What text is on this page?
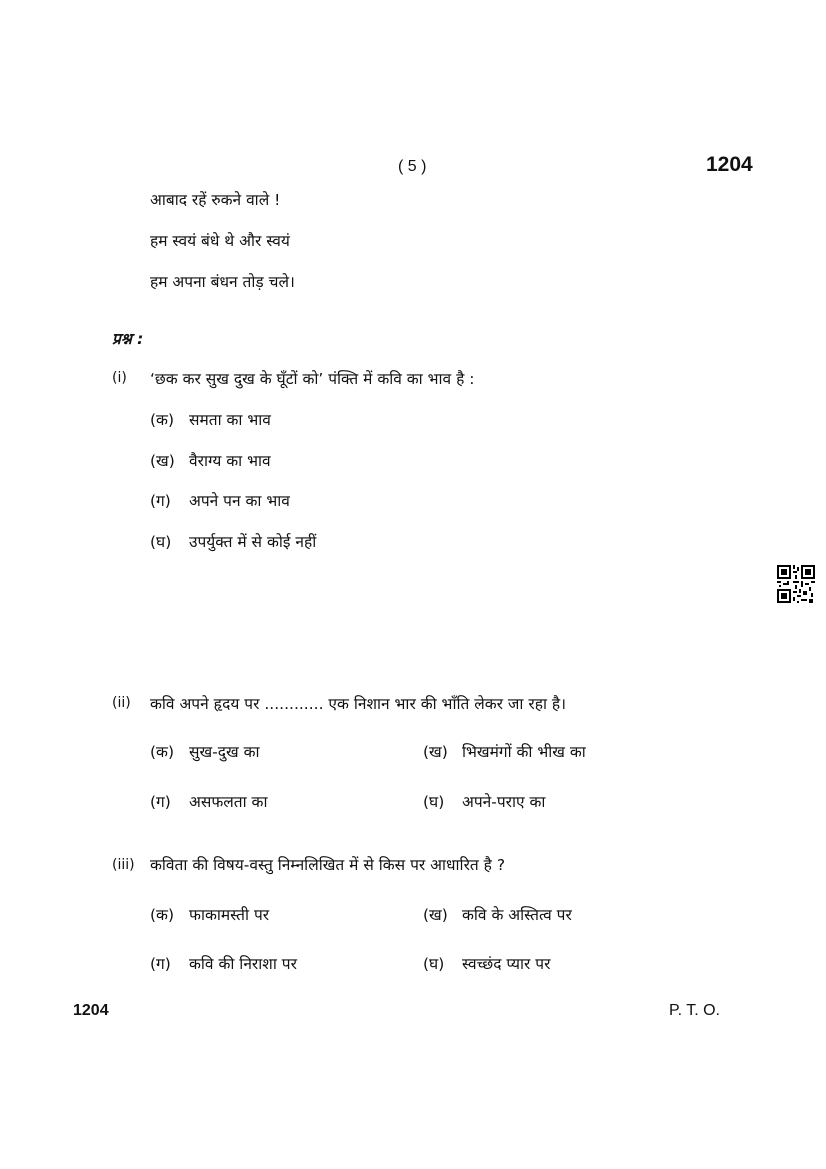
( 5 )	1204
आबाद रहें रुकने वाले !
हम स्वयं बंधे थे और स्वयं
हम अपना बंधन तोड़ चले।
प्रश्न :
(i) ‘छक कर सुख दुख के घूँटों को’ पंक्ति में कवि का भाव है :
(क) समता का भाव
(ख) वैराग्य का भाव
(ग) अपने पन का भाव
(घ) उपर्युक्त में से कोई नहीं
(ii) कवि अपने हृदय पर ............ एक निशान भार की भाँति लेकर जा रहा है।
(क) सुख-दुख का	(ख) भिखमंगों की भीख का
(ग) असफलता का	(घ) अपने-पराए का
(iii) कविता की विषय-वस्तु निम्नलिखित में से किस पर आधारित है ?
(क) फाकामस्ती पर	(ख) कवि के अस्तित्व पर
(ग) कवि की निराशा पर	(घ) स्वच्छंद प्यार पर
1204	P. T. O.
